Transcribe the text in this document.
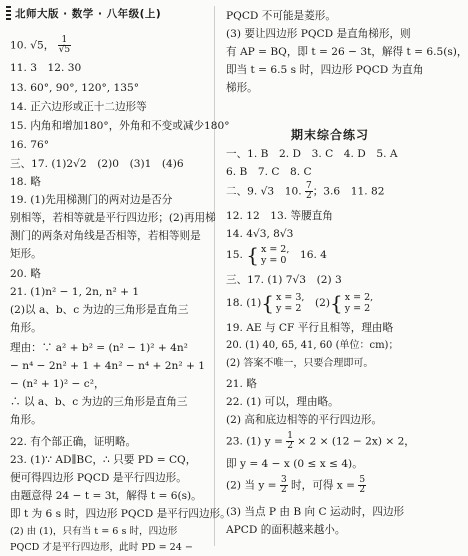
北师大版 · 数学 · 八年级(上)
10. √5， $\frac{1}{√5}$
11. 3　12. 30
13. 60°, 90°, 120°, 135°
14. 正六边形或正十二边形等
15. 内角和增加180°，外角和不变或减少180°
16. 76°
三、17. (1)2√2　(2)0　(3)1　(4)6
18. 略
19. (1)先用梯测门的两对边是否分
别相等，若相等就是平行四边形；(2)再用梯
测门的两条对角线是否相等，若相等则是
矩形。
20. 略
21. (1)n² − 1, 2n, n² + 1
(2)以 a、b、c 为边的三角形是直角三
角形。
理由：∵ a² + b² = (n² − 1)² + 4n²
− n⁴ − 2n² + 1 + 4n² − n⁴ + 2n² + 1
− (n² + 1)² − c²，
∴ 以 a、b、c 为边的三角形是直角三
角形。
22. 有个部正确，证明略。
23. (1)∵ AD∥BC，∴ 只要 PD = CQ，
便可得四边形 PQCD 是平行四边形。
由题意得 24 − t = 3t，解得 t = 6(s)。
即 t 为 6 s 时，四边形 PQCD 是平行四边形。
(2) 由 (1)，只有当 t = 6 s 时，四边形
PQCD 才是平行四边形，此时 PD = 24 −
PQCD 不可能是菱形。
(3) 要让四边形 PQCD 是直角梯形，则
有 AP = BQ，即 t = 26 − 3t，解得 t = 6.5(s)，
即当 t = 6.5 s 时，四边形 PQCD 为直角
梯形。
一、1. B　2. D　3. C　4. D　5. A
6. B　7. C　8. C
二、9. √3　10. $\frac{7}{2}$ ；3.6　11. 82
12. 12　13. 等腰直角
14. 4√3, 8√3
15. { x = 2,
y = 0 　16. 4
三、17. (1) 7√3　(2) 3
18. (1){ x = 3,
y = 2 　(2){ x = 2,
y = 2
19. AE 与 CF 平行且相等，理由略
20. (1) 40, 65, 41, 60 (单位：cm)；
(2) 答案不唯一，只要合理即可。
21. 略
22. (1) 可以，理由略。
(2) 高和底边相等的平行四边形。
23. (1) $y = \frac{1}{2} \times 2 \times (12 - 2x) \times 2$，
即 y = 4 − x (0 ≤ x ≤ 4)。
(2) 当 $y = \frac{3}{2}$ 时，可得 $x = \frac{5}{2}$
(3) 当点 P 由 B 向 C 运动时，四边形
APCD 的面积越来越小。
期末综合练习
